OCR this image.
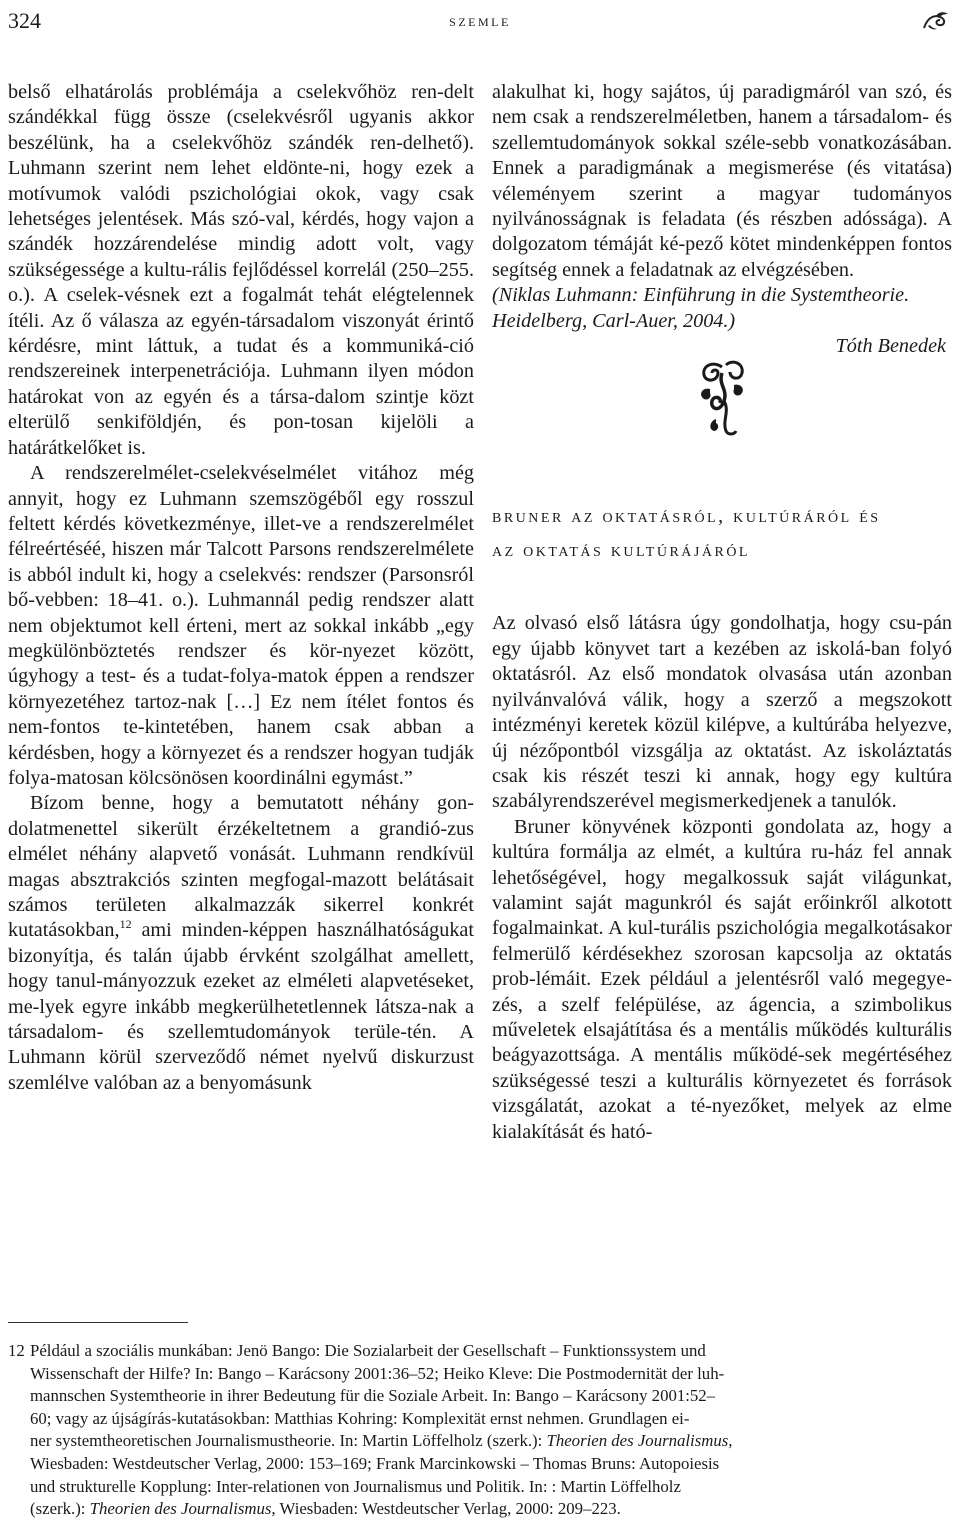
324	szemle

belső elhatárolás problémája a cselekvőhöz ren-delt szándékkal függ össze (cselekvésről ugyanis akkor beszélünk, ha a cselekvőhöz szándék ren-delhető). Luhmann szerint nem lehet eldönte-ni, hogy ezek a motívumok valódi pszichológiai okok, vagy csak lehetséges jelentések. Más szó-val, kérdés, hogy vajon a szándék hozzárendelése mindig adott volt, vagy szükségessége a kultu-rális fejlődéssel korrelál (250–255. o.). A cselek-vésnek ezt a fogalmát tehát elégtelennek ítéli. Az ő válasza az egyén-társadalom viszonyát érintő kérdésre, mint láttuk, a tudat és a kommuniká-ció rendszereinek interpenetrációja. Luhmann ilyen módon határokat von az egyén és a társa-dalom szintje közt elterülő senkiföldjén, és pon-tosan kijelöli a határátkelőket is.

A rendszerelmélet-cselekvéselmélet vitához még annyit, hogy ez Luhmann szemszögéből egy rosszul feltett kérdés következménye, illet-ve a rendszerelmélet félreértéséé, hiszen már Talcott Parsons rendszerelmélete is abból indult ki, hogy a cselekvés: rendszer (Parsonsról bő-vebben: 18–41. o.). Luhmannál pedig rendszer alatt nem objektumot kell érteni, mert az sokkal inkább „egy megkülönböztetés rendszer és kör-nyezet között, úgyhogy a test- és a tudat-folya-matok éppen a rendszer környezetéhez tartoz-nak […] Ez nem ítélet fontos és nem-fontos te-kintetében, hanem csak abban a kérdésben, hogy a környezet és a rendszer hogyan tudják folya-matosan kölcsönösen koordinálni egymást.”

Bízom benne, hogy a bemutatott néhány gon-dolatmenettel sikerült érzékeltetnem a grandió-zus elmélet néhány alapvető vonását. Luhmann rendkívül magas absztrakciós szinten megfogal-mazott belátásait számos területen alkalmazzák sikerrel konkrét kutatásokban,$^{12}$ ami minden-képpen használhatóságukat bizonyítja, és talán újabb érvként szolgálhat amellett, hogy tanul-mányozzuk ezeket az elméleti alapvetéseket, me-lyek egyre inkább megkerülhetetlennek látsza-nak a társadalom- és szellemtudományok terüle-tén. A Luhmann körül szerveződő német nyelvű diskurzust szemlélve valóban az a benyomásunk

alakulhat ki, hogy sajátos, új paradigmáról van szó, és nem csak a rendszerelméletben, hanem a társadalom- és szellemtudományok sokkal széle-sebb vonatkozásában. Ennek a paradigmának a megismerése (és vitatása) véleményem szerint a magyar tudományos nyilvánosságnak is feladata (és részben adóssága). A dolgozatom témáját ké-pező kötet mindenképpen fontos segítség ennek a feladatnak az elvégzésében.

(Niklas Luhmann: Einführung in die Systemtheorie. Heidelberg, Carl-Auer, 2004.)

Tóth Benedek

bruner az oktatásról, kultúráról és
az oktatás kultúrájáról

Az olvasó első látásra úgy gondolhatja, hogy csu-pán egy újabb könyvet tart a kezében az iskolá-ban folyó oktatásról. Az első mondatok olvasása után azonban nyilvánvalóvá válik, hogy a szerző a megszokott intézményi keretek közül kilépve, a kultúrába helyezve, új nézőpontból vizsgálja az oktatást. Az iskoláztatás csak kis részét teszi ki annak, hogy egy kultúra szabályrendszerével megismerkedjenek a tanulók.

Bruner könyvének központi gondolata az, hogy a kultúra formálja az elmét, a kultúra ru-ház fel annak lehetőségével, hogy megalkossuk saját világunkat, valamint saját magunkról és saját erőinkről alkotott fogalmainkat. A kul-turális pszichológia megalkotásakor felmerülő kérdésekhez szorosan kapcsolja az oktatás prob-lémáit. Ezek például a jelentésről való megegye-zés, a szelf felépülése, az ágencia, a szimbolikus műveletek elsajátítása és a mentális működés kulturális beágyazottsága. A mentális működé-sek megértéséhez szükségessé teszi a kulturális környezetet és források vizsgálatát, azokat a té-nyezőket, melyek az elme kialakítását és ható-

12 Például a szociális munkában: Jenö Bango: Die Sozialarbeit der Gesellschaft – Funktionssystem und
Wissenschaft der Hilfe? In: Bango – Karácsony 2001:36–52; Heiko Kleve: Die Postmodernität der luh-
mannschen Systemtheorie in ihrer Bedeutung für die Soziale Arbeit. In: Bango – Karácsony 2001:52–
60; vagy az újságírás-kutatásokban: Matthias Kohring: Komplexität ernst nehmen. Grundlagen ei-
ner systemtheoretischen Journalismustheorie. In: Martin Löffelholz (szerk.): Theorien des Journalismus,
Wiesbaden: Westdeutscher Verlag, 2000: 153–169; Frank Marcinkowski – Thomas Bruns: Autopoiesis
und strukturelle Kopplung: Inter-relationen von Journalismus und Politik. In: : Martin Löffelholz
(szerk.): Theorien des Journalismus, Wiesbaden: Westdeutscher Verlag, 2000: 209–223.
